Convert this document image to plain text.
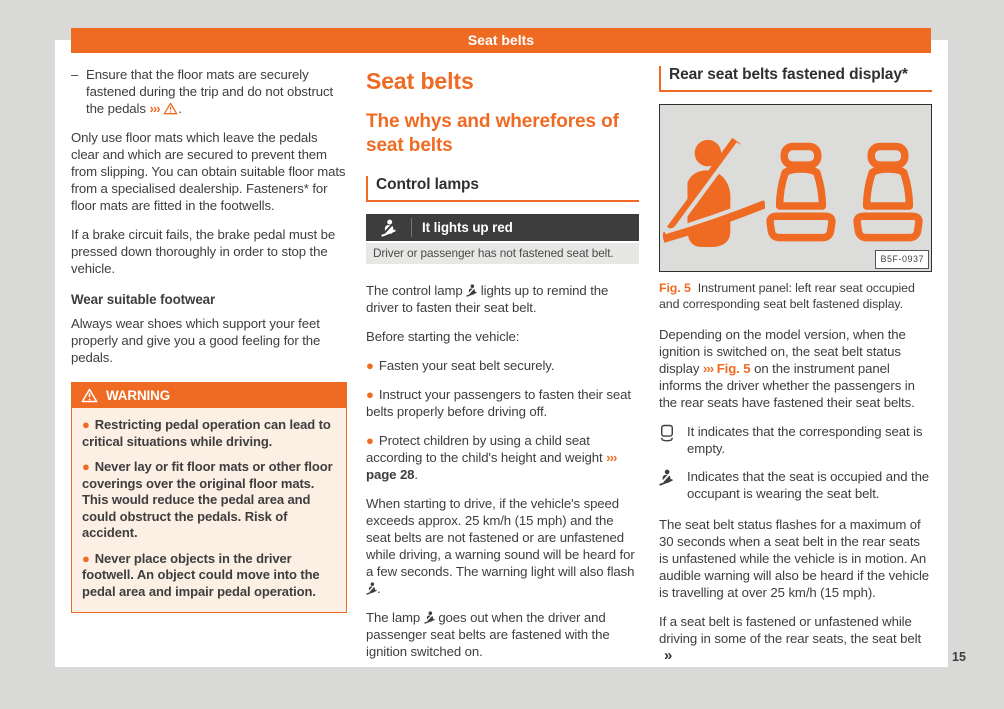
Seat belts
– Ensure that the floor mats are securely fastened during the trip and do not obstruct the pedals ››› .

Only use floor mats which leave the pedals clear and which are secured to prevent them from slipping. You can obtain suitable floor mats from a specialised dealership. Fasteners* for floor mats are fitted in the footwells.

If a brake circuit fails, the brake pedal must be pressed down thoroughly in order to stop the vehicle.

Wear suitable footwear

Always wear shoes which support your feet properly and give you a good feeling for the pedals.

WARNING

● Restricting pedal operation can lead to critical situations while driving.

● Never lay or fit floor mats or other floor coverings over the original floor mats. This would reduce the pedal area and could obstruct the pedals. Risk of accident.

● Never place objects in the driver footwell. An object could move into the pedal area and impair pedal operation.

Seat belts
The whys and wherefores of seat belts
Control lamps
It lights up red
Driver or passenger has not fastened seat belt.

The control lamp lights up to remind the driver to fasten their seat belt.

Before starting the vehicle:

● Fasten your seat belt securely.

● Instruct your passengers to fasten their seat belts properly before driving off.

● Protect children by using a child seat according to the child's height and weight ››› page 28.

When starting to drive, if the vehicle's speed exceeds approx. 25 km/h (15 mph) and the seat belts are not fastened or are unfastened while driving, a warning sound will be heard for a few seconds. The warning light will also flash .

The lamp goes out when the driver and passenger seat belts are fastened with the ignition switched on.

Rear seat belts fastened display*
B5F-0937
Fig. 5 Instrument panel: left rear seat occupied and corresponding seat belt fastened display.

Depending on the model version, when the ignition is switched on, the seat belt status display ››› Fig. 5 on the instrument panel informs the driver whether the passengers in the rear seats have fastened their seat belts.

It indicates that the corresponding seat is empty.
Indicates that the seat is occupied and the occupant is wearing the seat belt.

The seat belt status flashes for a maximum of 30 seconds when a seat belt in the rear seats is unfastened while the vehicle is in motion. An audible warning will also be heard if the vehicle is travelling at over 25 km/h (15 mph).

If a seat belt is fastened or unfastened while driving in some of the rear seats, the seat belt »	15
